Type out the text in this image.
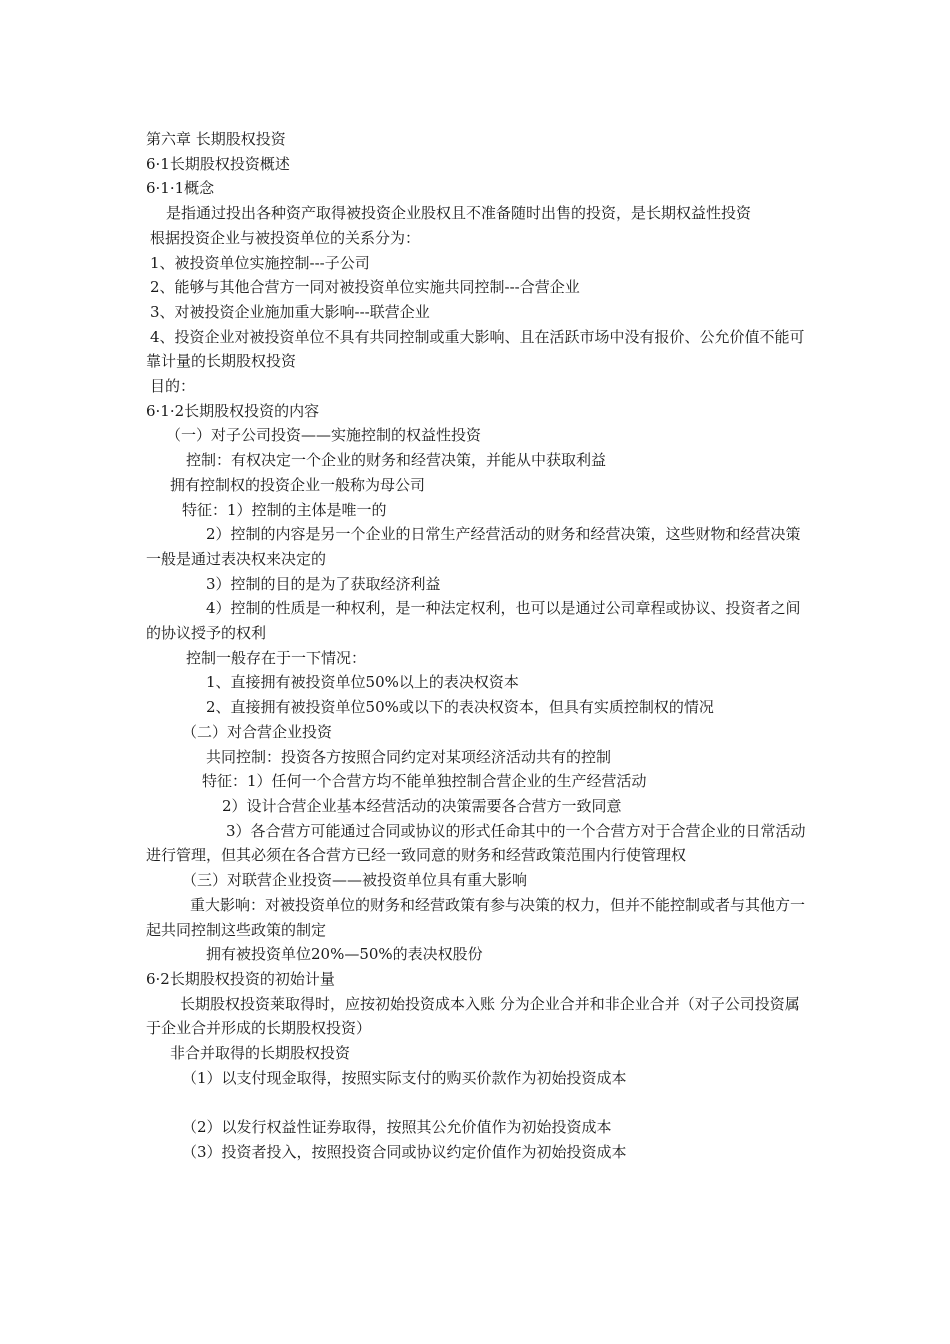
第六章 长期股权投资

6·1长期股权投资概述

6·1·1概念

是指通过投出各种资产取得被投资企业股权且不准备随时出售的投资，是长期权益性投资

根据投资企业与被投资单位的关系分为：

1、被投资单位实施控制---子公司

2、能够与其他合营方一同对被投资单位实施共同控制---合营企业

3、对被投资企业施加重大影响---联营企业

4、投资企业对被投资单位不具有共同控制或重大影响、且在活跃市场中没有报价、公允价值不能可靠计量的长期股权投资

目的：

6·1·2长期股权投资的内容

（一）对子公司投资——实施控制的权益性投资

控制：有权决定一个企业的财务和经营决策，并能从中获取利益

拥有控制权的投资企业一般称为母公司

特征：1）控制的主体是唯一的

2）控制的内容是另一个企业的日常生产经营活动的财务和经营决策，这些财物和经营决策一般是通过表决权来决定的

3）控制的目的是为了获取经济利益

4）控制的性质是一种权利，是一种法定权利，也可以是通过公司章程或协议、投资者之间的协议授予的权利

控制一般存在于一下情况：

1、直接拥有被投资单位50%以上的表决权资本

2、直接拥有被投资单位50%或以下的表决权资本，但具有实质控制权的情况

（二）对合营企业投资

共同控制：投资各方按照合同约定对某项经济活动共有的控制

特征：1）任何一个合营方均不能单独控制合营企业的生产经营活动

2）设计合营企业基本经营活动的决策需要各合营方一致同意

3）各合营方可能通过合同或协议的形式任命其中的一个合营方对于合营企业的日常活动进行管理，但其必须在各合营方已经一致同意的财务和经营政策范围内行使管理权

（三）对联营企业投资——被投资单位具有重大影响

重大影响：对被投资单位的财务和经营政策有参与决策的权力，但并不能控制或者与其他方一起共同控制这些政策的制定

拥有被投资单位20%—50%的表决权股份

6·2长期股权投资的初始计量

长期股权投资莱取得时，应按初始投资成本入账 分为企业合并和非企业合并（对子公司投资属于企业合并形成的长期股权投资）

非合并取得的长期股权投资

（1）以支付现金取得，按照实际支付的购买价款作为初始投资成本

（2）以发行权益性证券取得，按照其公允价值作为初始投资成本

（3）投资者投入，按照投资合同或协议约定价值作为初始投资成本
